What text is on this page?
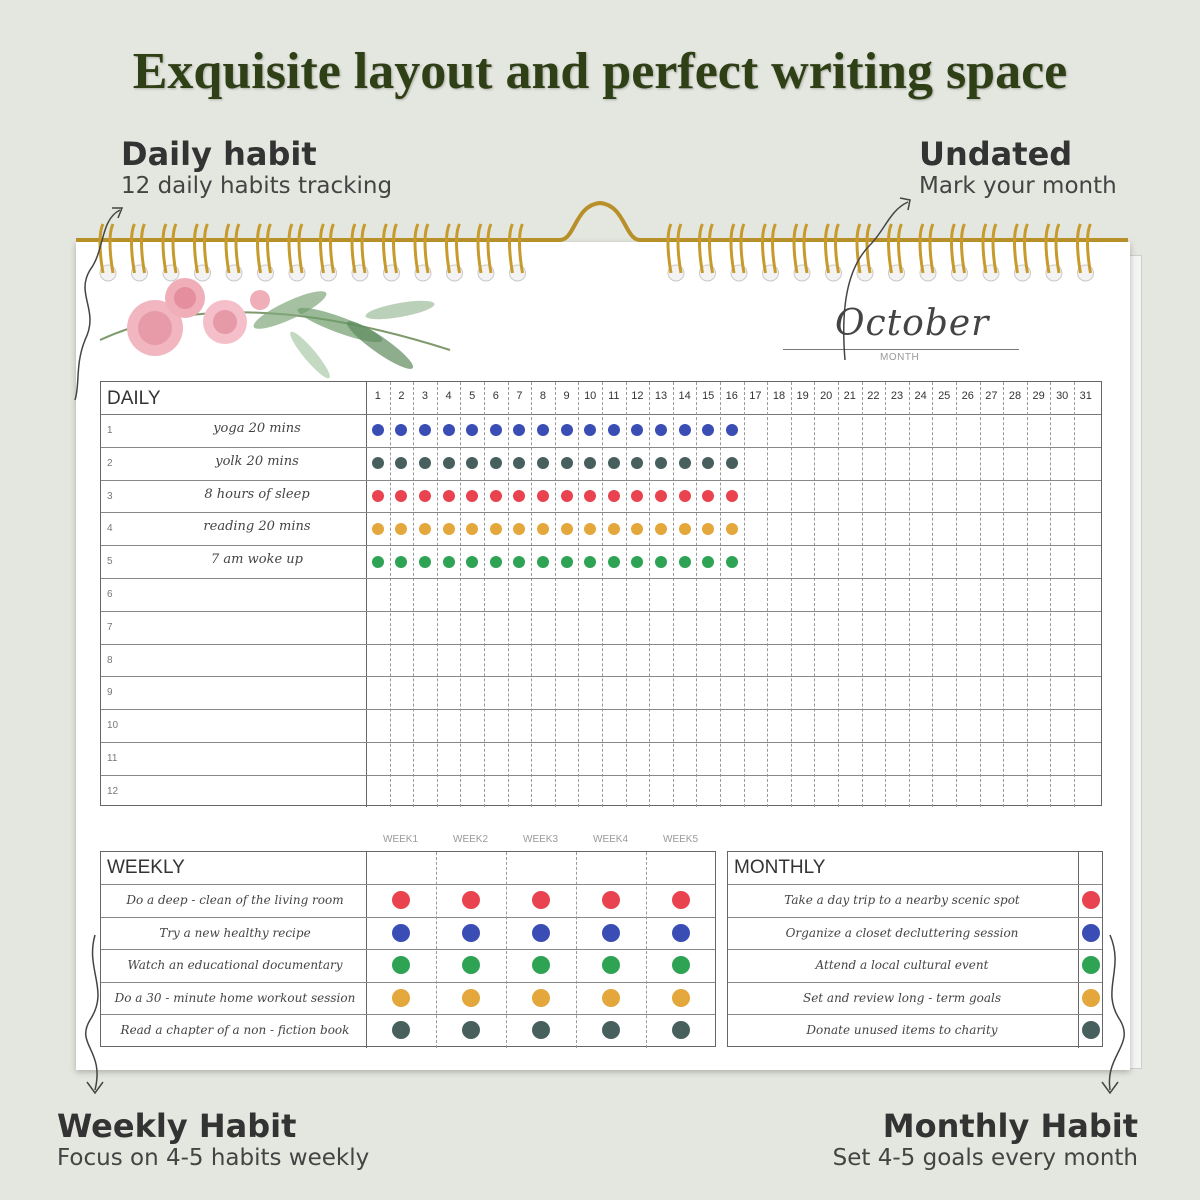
Exquisite layout and perfect writing space
Daily habit
12 daily habits tracking
Undated
Mark your month
Weekly Habit
Focus on 4-5 habits weekly
Monthly Habit
Set 4-5 goals every month
October
MONTH
DAILY	1	2	3	4	5	6	7	8	9	10	11	12	13	14	15	16	17	18	19	20	21	22	23	24	25	26	27	28	29	30	31
1	yoga 20 mins
2	yolk 20 mins
3	8 hours of sleep
4	reading 20 mins
5	7 am woke up
6
7
8
9
10
11
12
WEEK1	WEEK2	WEEK3	WEEK4	WEEK5
WEEKLY
Do a deep - clean of the living room
Try a new healthy recipe
Watch an educational documentary
Do a 30 - minute home workout session
Read a chapter of a non - fiction book
MONTHLY
Take a day trip to a nearby scenic spot
Organize a closet decluttering session
Attend a local cultural event
Set and review long - term goals
Donate unused items to charity
